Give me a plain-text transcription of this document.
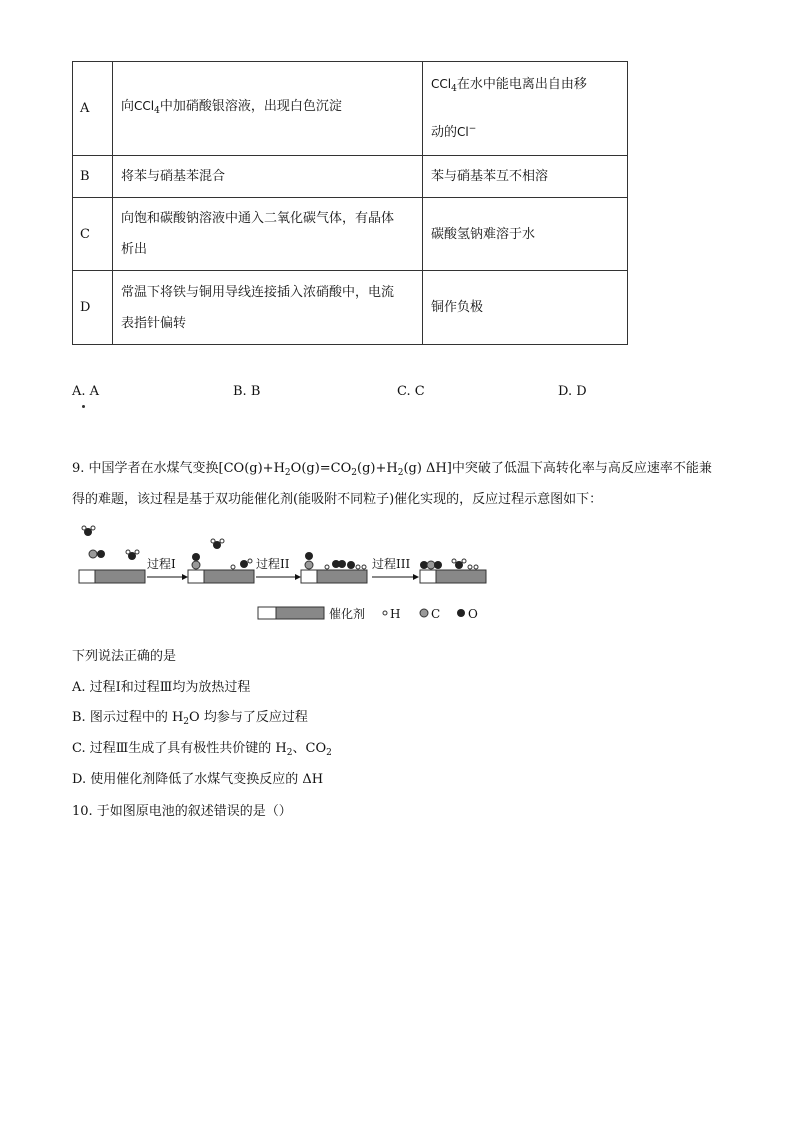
A	向CCl$_4$中加硝酸银溶液，出现白色沉淀	CCl$_4$在水中能电离出自由移
动的Cl−

B	将苯与硝基苯混合	苯与硝基苯互不相溶
C	向饱和碳酸钠溶液中通入二氧化碳气体，有晶体
析出	碳酸氢钠难溶于水
D	常温下将铁与铜用导线连接插入浓硝酸中，电流
表指针偏转	铜作负极
A. A	B. B	C. C	D. D
9. 中国学者在水煤气变换[$CO(g)+H_2O(g)=CO_2(g)+H_2(g)$ ΔH]中突破了低温下高转化率与高反应速率不能兼
得的难题，该过程是基于双功能催化剂(能吸附不同粒子)催化实现的，反应过程示意图如下：
过程I	过程II	过程III
催化剂 H	C O
下列说法正确的是
A. 过程Ⅰ和过程Ⅲ均为放热过程
B. 图示过程中的 $H_2O$ 均参与了反应过程
C. 过程Ⅲ生成了具有极性共价键的 $H_2$、$CO_2$
D. 使用催化剂降低了水煤气变换反应的 ΔH
10. 于如图原电池的叙述错误的是（）
